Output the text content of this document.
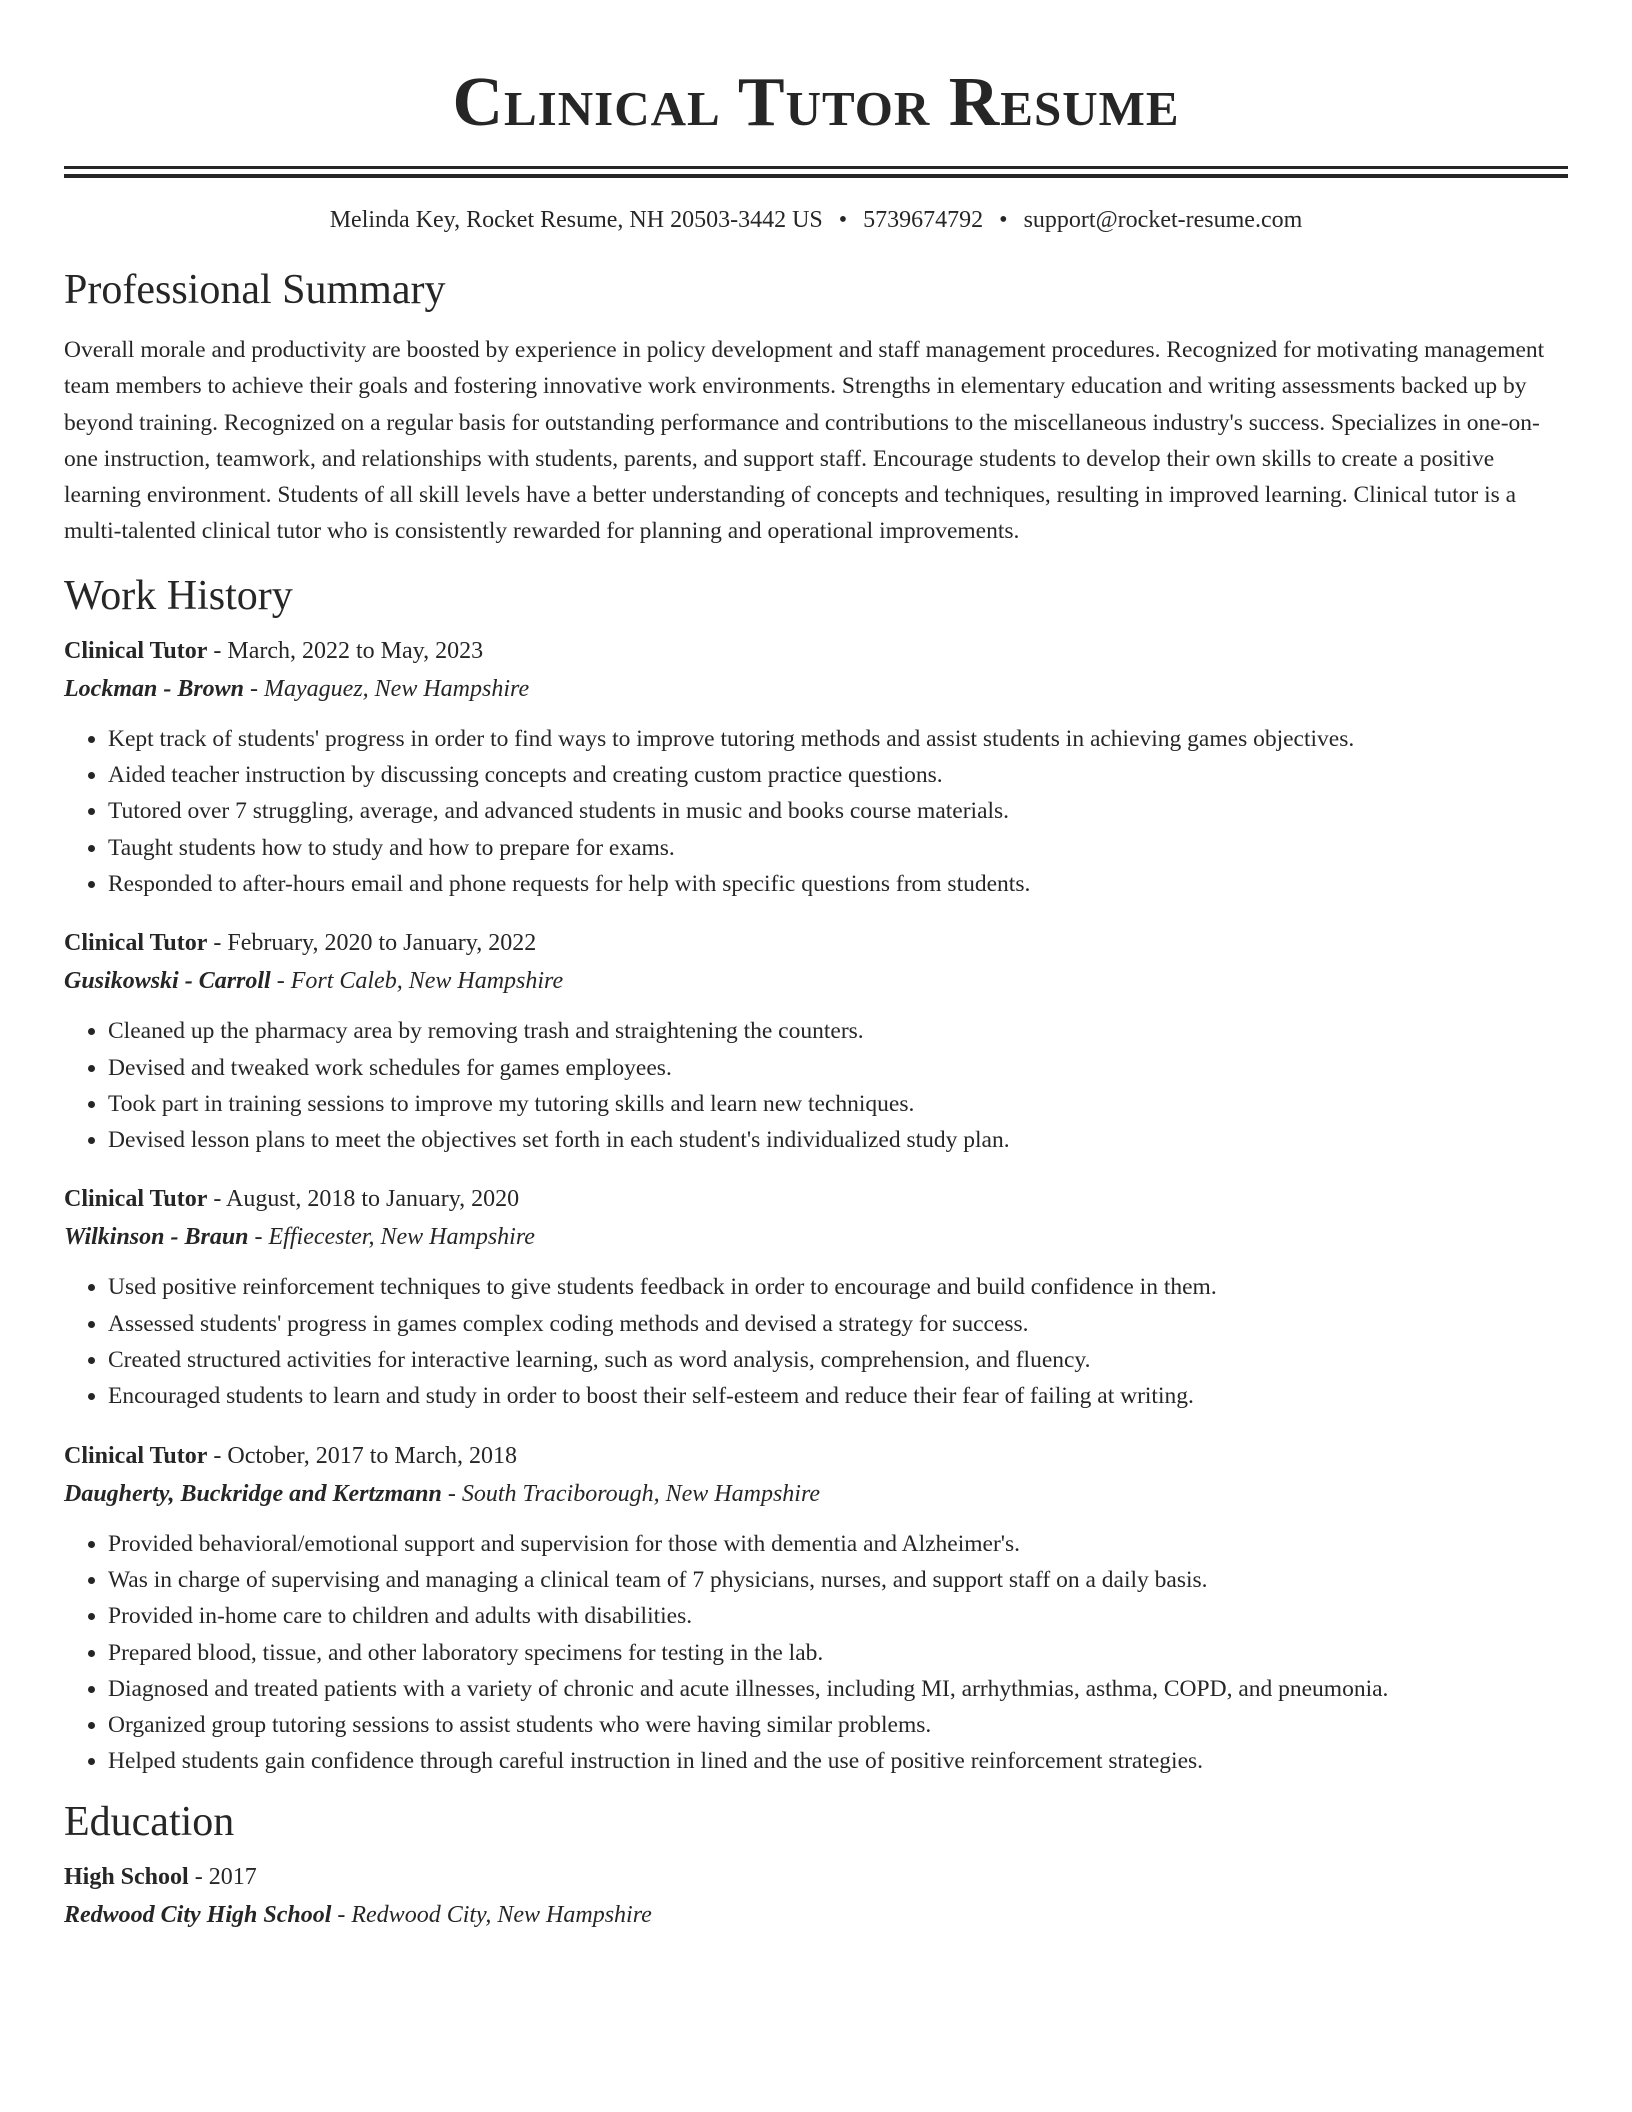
Clinical Tutor Resume
Melinda Key, Rocket Resume, NH 20503-3442 US • 5739674792 • support@rocket-resume.com
Professional Summary
Overall morale and productivity are boosted by experience in policy development and staff management procedures. Recognized for motivating management team members to achieve their goals and fostering innovative work environments. Strengths in elementary education and writing assessments backed up by beyond training. Recognized on a regular basis for outstanding performance and contributions to the miscellaneous industry's success. Specializes in one-on-one instruction, teamwork, and relationships with students, parents, and support staff. Encourage students to develop their own skills to create a positive learning environment. Students of all skill levels have a better understanding of concepts and techniques, resulting in improved learning. Clinical tutor is a multi-talented clinical tutor who is consistently rewarded for planning and operational improvements.
Work History
Clinical Tutor - March, 2022 to May, 2023
Lockman - Brown - Mayaguez, New Hampshire
• Kept track of students' progress in order to find ways to improve tutoring methods and assist students in achieving games objectives.
• Aided teacher instruction by discussing concepts and creating custom practice questions.
• Tutored over 7 struggling, average, and advanced students in music and books course materials.
• Taught students how to study and how to prepare for exams.
• Responded to after-hours email and phone requests for help with specific questions from students.
Clinical Tutor - February, 2020 to January, 2022
Gusikowski - Carroll - Fort Caleb, New Hampshire
• Cleaned up the pharmacy area by removing trash and straightening the counters.
• Devised and tweaked work schedules for games employees.
• Took part in training sessions to improve my tutoring skills and learn new techniques.
• Devised lesson plans to meet the objectives set forth in each student's individualized study plan.
Clinical Tutor - August, 2018 to January, 2020
Wilkinson - Braun - Effiecester, New Hampshire
• Used positive reinforcement techniques to give students feedback in order to encourage and build confidence in them.
• Assessed students' progress in games complex coding methods and devised a strategy for success.
• Created structured activities for interactive learning, such as word analysis, comprehension, and fluency.
• Encouraged students to learn and study in order to boost their self-esteem and reduce their fear of failing at writing.
Clinical Tutor - October, 2017 to March, 2018
Daugherty, Buckridge and Kertzmann - South Traciborough, New Hampshire
• Provided behavioral/emotional support and supervision for those with dementia and Alzheimer's.
• Was in charge of supervising and managing a clinical team of 7 physicians, nurses, and support staff on a daily basis.
• Provided in-home care to children and adults with disabilities.
• Prepared blood, tissue, and other laboratory specimens for testing in the lab.
• Diagnosed and treated patients with a variety of chronic and acute illnesses, including MI, arrhythmias, asthma, COPD, and pneumonia.
• Organized group tutoring sessions to assist students who were having similar problems.
• Helped students gain confidence through careful instruction in lined and the use of positive reinforcement strategies.
Education
High School - 2017
Redwood City High School - Redwood City, New Hampshire
